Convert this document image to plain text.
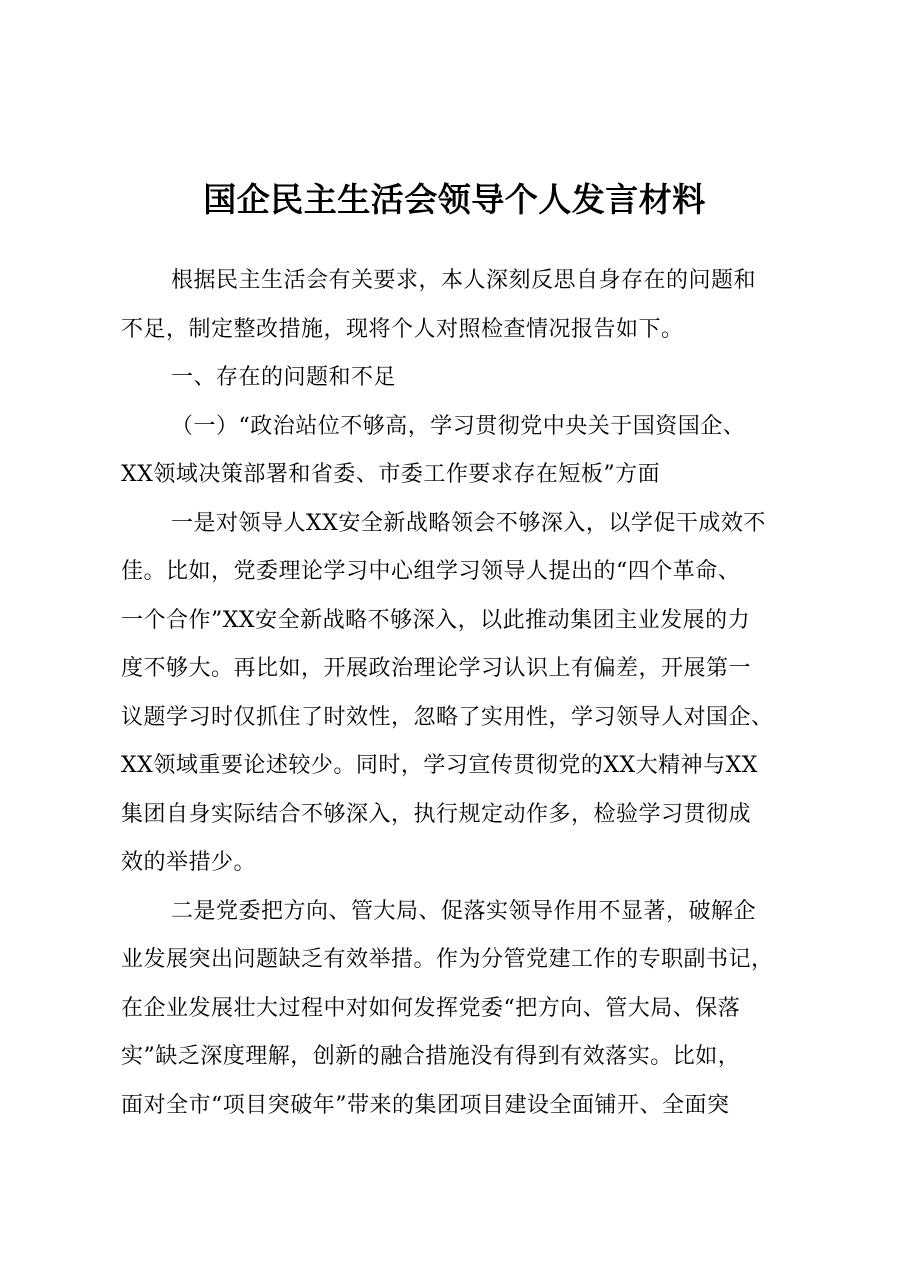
国企民主生活会领导个人发言材料
根据民主生活会有关要求，本人深刻反思自身存在的问题和
不足，制定整改措施，现将个人对照检查情况报告如下。
一、存在的问题和不足
（一）“政治站位不够高，学习贯彻党中央关于国资国企、
XX领域决策部署和省委、市委工作要求存在短板”方面
一是对领导人XX安全新战略领会不够深入，以学促干成效不
佳。比如，党委理论学习中心组学习领导人提出的“四个革命、
一个合作”XX安全新战略不够深入，以此推动集团主业发展的力
度不够大。再比如，开展政治理论学习认识上有偏差，开展第一
议题学习时仅抓住了时效性，忽略了实用性，学习领导人对国企、
XX领域重要论述较少。同时，学习宣传贯彻党的XX大精神与XX
集团自身实际结合不够深入，执行规定动作多，检验学习贯彻成
效的举措少。
二是党委把方向、管大局、促落实领导作用不显著，破解企
业发展突出问题缺乏有效举措。作为分管党建工作的专职副书记，
在企业发展壮大过程中对如何发挥党委“把方向、管大局、保落
实”缺乏深度理解，创新的融合措施没有得到有效落实。比如，
面对全市“项目突破年”带来的集团项目建设全面铺开、全面突
